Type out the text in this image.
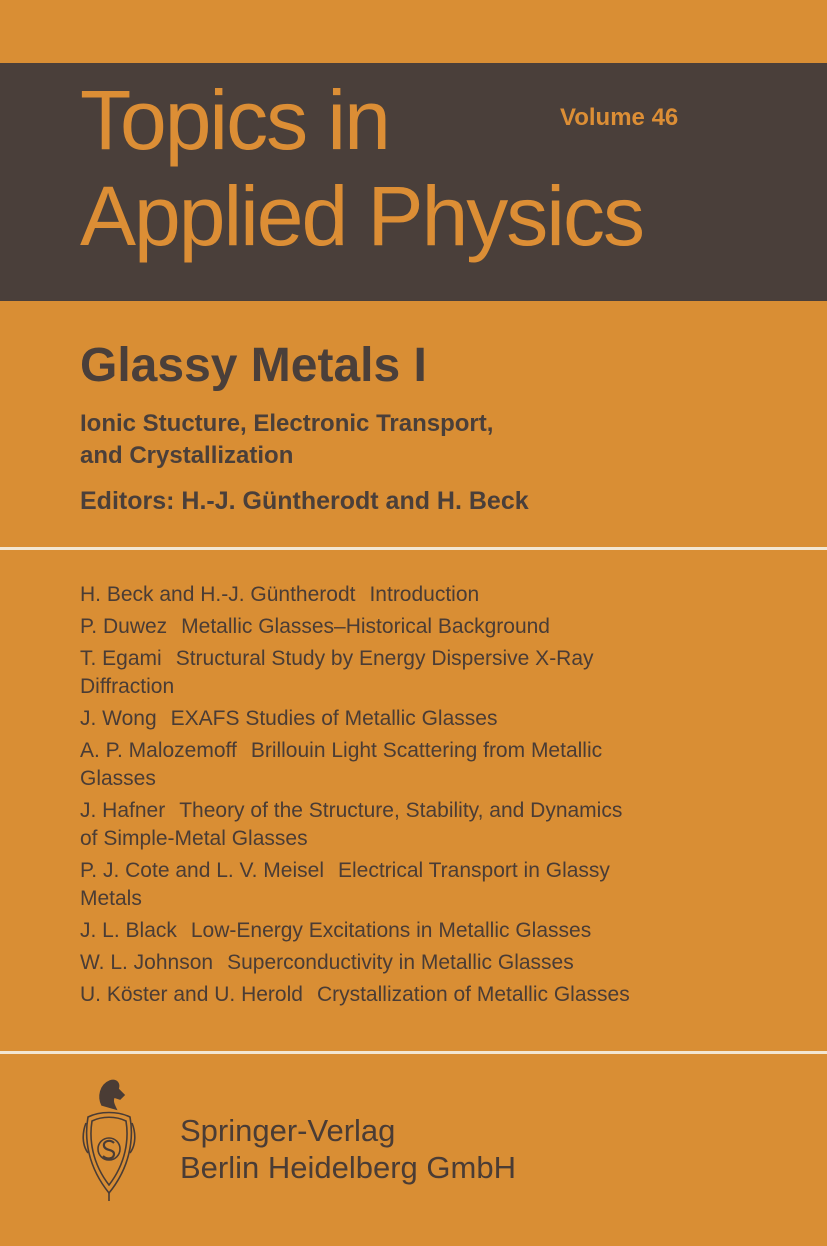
Topics in
Applied Physics
Volume 46
Glassy Metals I

Ionic Stucture, Electronic Transport,
and Crystallization

Editors: H.-J. Güntherodt and H. Beck

H. Beck and H.-J. Güntherodt Introduction
P. Duwez Metallic Glasses–Historical Background
T. Egami Structural Study by Energy Dispersive X-Ray Diffraction
J. Wong EXAFS Studies of Metallic Glasses
A. P. Malozemoff Brillouin Light Scattering from Metallic Glasses
J. Hafner Theory of the Structure, Stability, and Dynamics of Simple-Metal Glasses
P. J. Cote and L. V. Meisel Electrical Transport in Glassy Metals
J. L. Black Low-Energy Excitations in Metallic Glasses
W. L. Johnson Superconductivity in Metallic Glasses
U. Köster and U. Herold Crystallization of Metallic Glasses

Springer-Verlag
Berlin Heidelberg GmbH
